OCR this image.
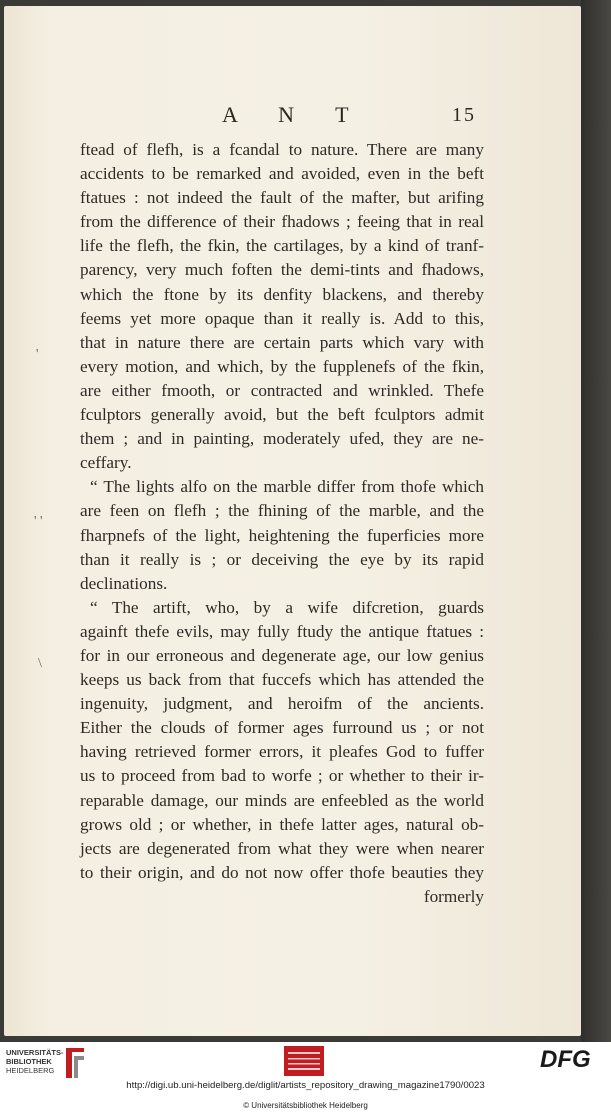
A N T	15
ftead of flefh, is a fcandal to nature. There are many
accidents to be remarked and avoided, even in the beft
ftatues : not indeed the fault of the mafter, but arifing
from the difference of their fhadows ; feeing that in real
life the flefh, the fkin, the cartilages, by a kind of tranf-
parency, very much foften the demi-tints and fhadows,
which the ftone by its denfity blackens, and thereby
feems yet more opaque than it really is. Add to this,
that in nature there are certain parts which vary with
every motion, and which, by the fupplenefs of the fkin,
are either fmooth, or contracted and wrinkled. Thefe
fculptors generally avoid, but the beft fculptors admit
them ; and in painting, moderately ufed, they are ne-
ceffary.
“ The lights alfo on the marble differ from thofe which
are feen on flefh ; the fhining of the marble, and the
fharpnefs of the light, heightening the fuperficies more
than it really is ; or deceiving the eye by its rapid
declinations.
“ The artift, who, by a wife difcretion, guards
againft thefe evils, may fully ftudy the antique ftatues :
for in our erroneous and degenerate age, our low genius
keeps us back from that fuccefs which has attended the
ingenuity, judgment, and heroifm of the ancients.
Either the clouds of former ages furround us ; or not
having retrieved former errors, it pleafes God to fuffer
us to proceed from bad to worfe ; or whether to their ir-
reparable damage, our minds are enfeebled as the world
grows old ; or whether, in thefe latter ages, natural ob-
jects are degenerated from what they were when nearer
to their origin, and do not now offer thofe beauties they
formerly
'
' '
\
UNIVERSITÄTS-
BIBLIOTHEK
HEIDELBERG	DFG
http://digi.ub.uni-heidelberg.de/diglit/artists_repository_drawing_magazine1790/0023
© Universitätsbibliothek Heidelberg
